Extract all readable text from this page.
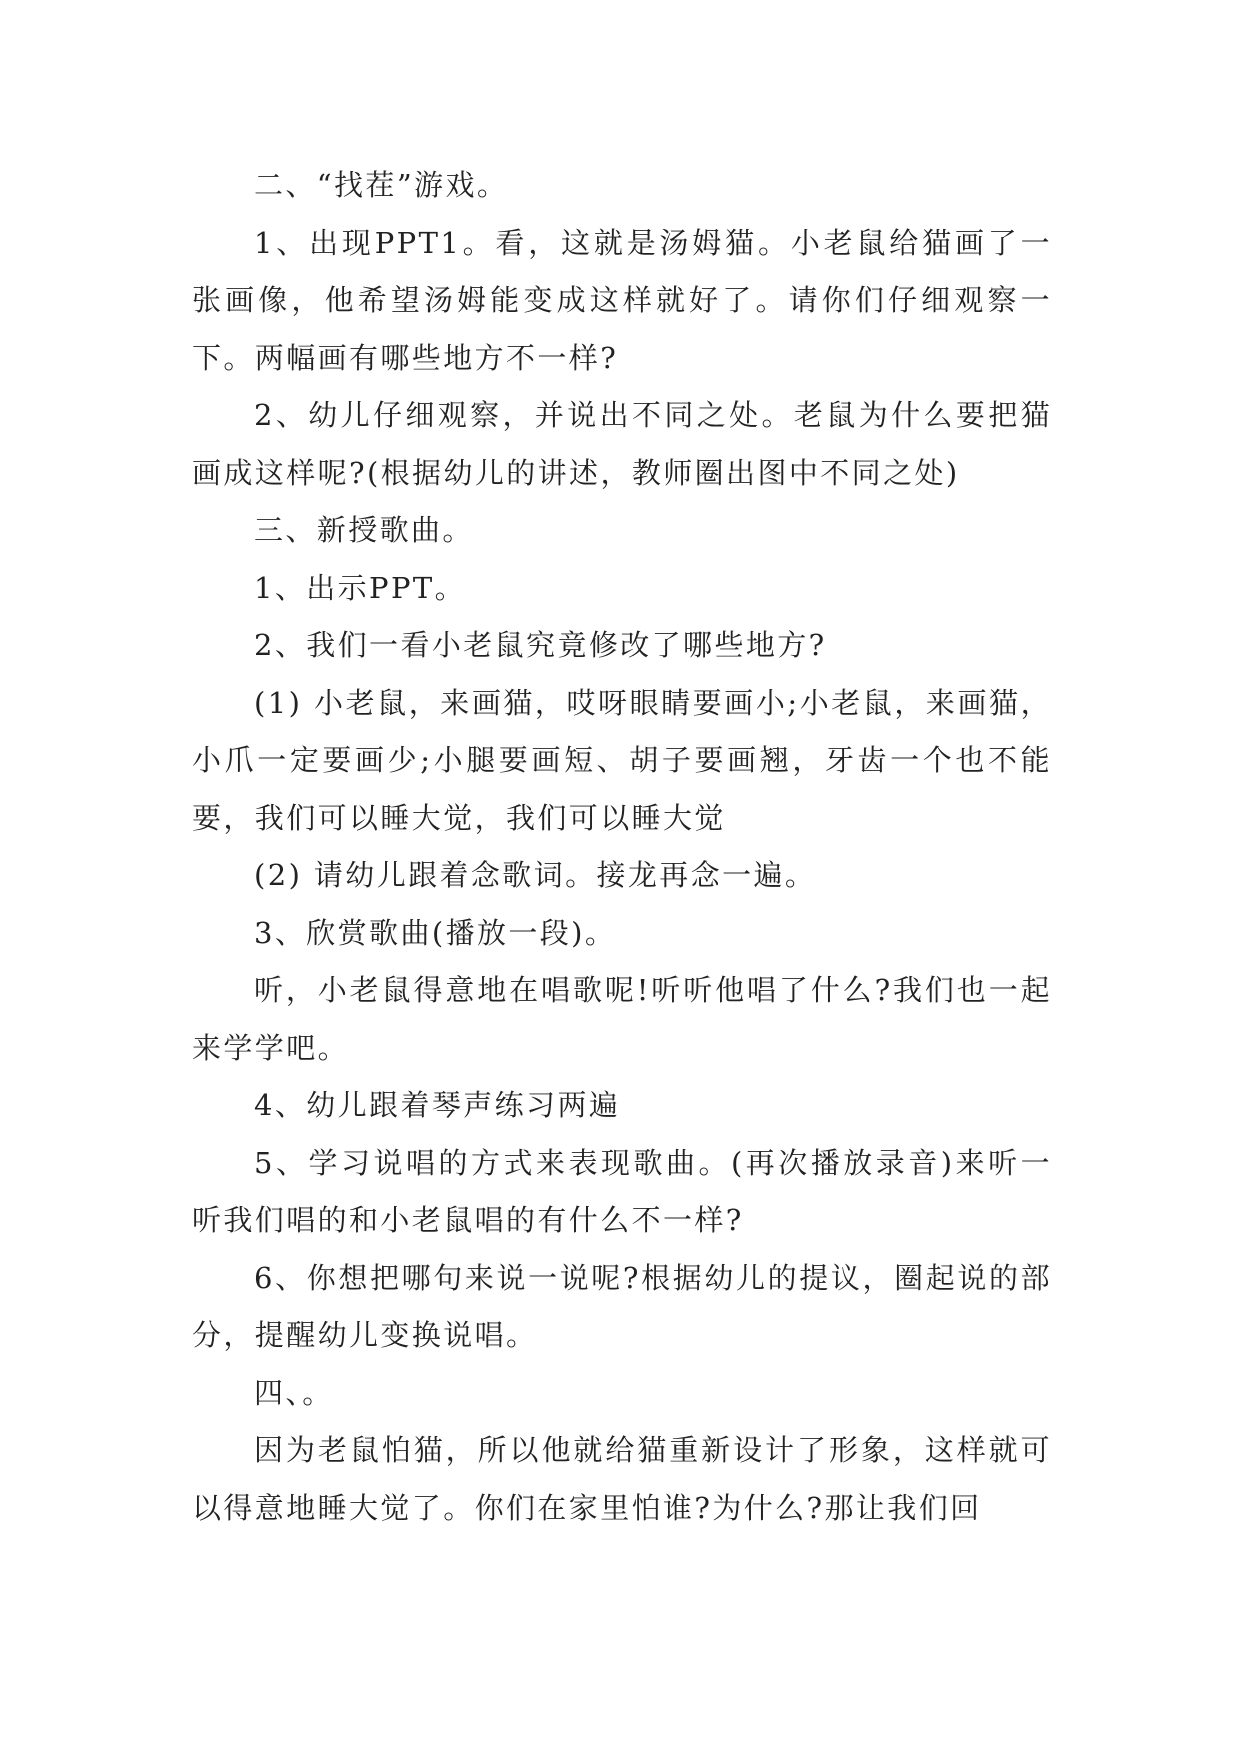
二、“找茬”游戏。

1、出现PPT1。看，这就是汤姆猫。小老鼠给猫画了一张画像，他希望汤姆能变成这样就好了。请你们仔细观察一下。两幅画有哪些地方不一样?

2、幼儿仔细观察，并说出不同之处。老鼠为什么要把猫画成这样呢?(根据幼儿的讲述，教师圈出图中不同之处)

三、新授歌曲。

1、出示PPT。

2、我们一看小老鼠究竟修改了哪些地方?

(1) 小老鼠，来画猫，哎呀眼睛要画小;小老鼠，来画猫，小爪一定要画少;小腿要画短、胡子要画翘，牙齿一个也不能要，我们可以睡大觉，我们可以睡大觉

(2) 请幼儿跟着念歌词。接龙再念一遍。

3、欣赏歌曲(播放一段)。

听，小老鼠得意地在唱歌呢!听听他唱了什么?我们也一起来学学吧。

4、幼儿跟着琴声练习两遍

5、学习说唱的方式来表现歌曲。(再次播放录音)来听一听我们唱的和小老鼠唱的有什么不一样?

6、你想把哪句来说一说呢?根据幼儿的提议，圈起说的部分，提醒幼儿变换说唱。

四、。

因为老鼠怕猫，所以他就给猫重新设计了形象，这样就可以得意地睡大觉了。你们在家里怕谁?为什么?那让我们回
